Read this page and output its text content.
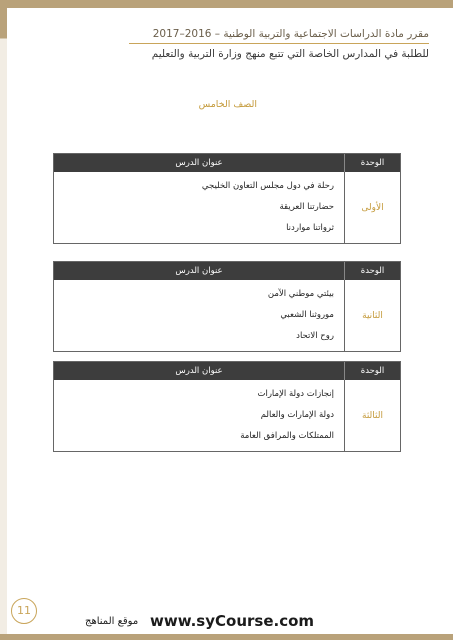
مقرر مادة الدراسات الاجتماعية والتربية الوطنية – 2016–2017
للطلبة في المدارس الخاصة التي تتبع منهج وزارة التربية والتعليم
الصف الخامس
الوحدة
عنوان الدرس
الأولى
رحلة في دول مجلس التعاون الخليجي
حضارتنا العريقة
ثرواتنا مواردنا
الوحدة
عنوان الدرس
الثانية
بيئتي موطني الآمن
موروثنا الشعبي
روح الاتحاد
الوحدة
عنوان الدرس
الثالثة
إنجازات دولة الإمارات
دولة الإمارات والعالم
الممتلكات والمرافق العامة
11
www.syCourse.com
موقع المناهج
